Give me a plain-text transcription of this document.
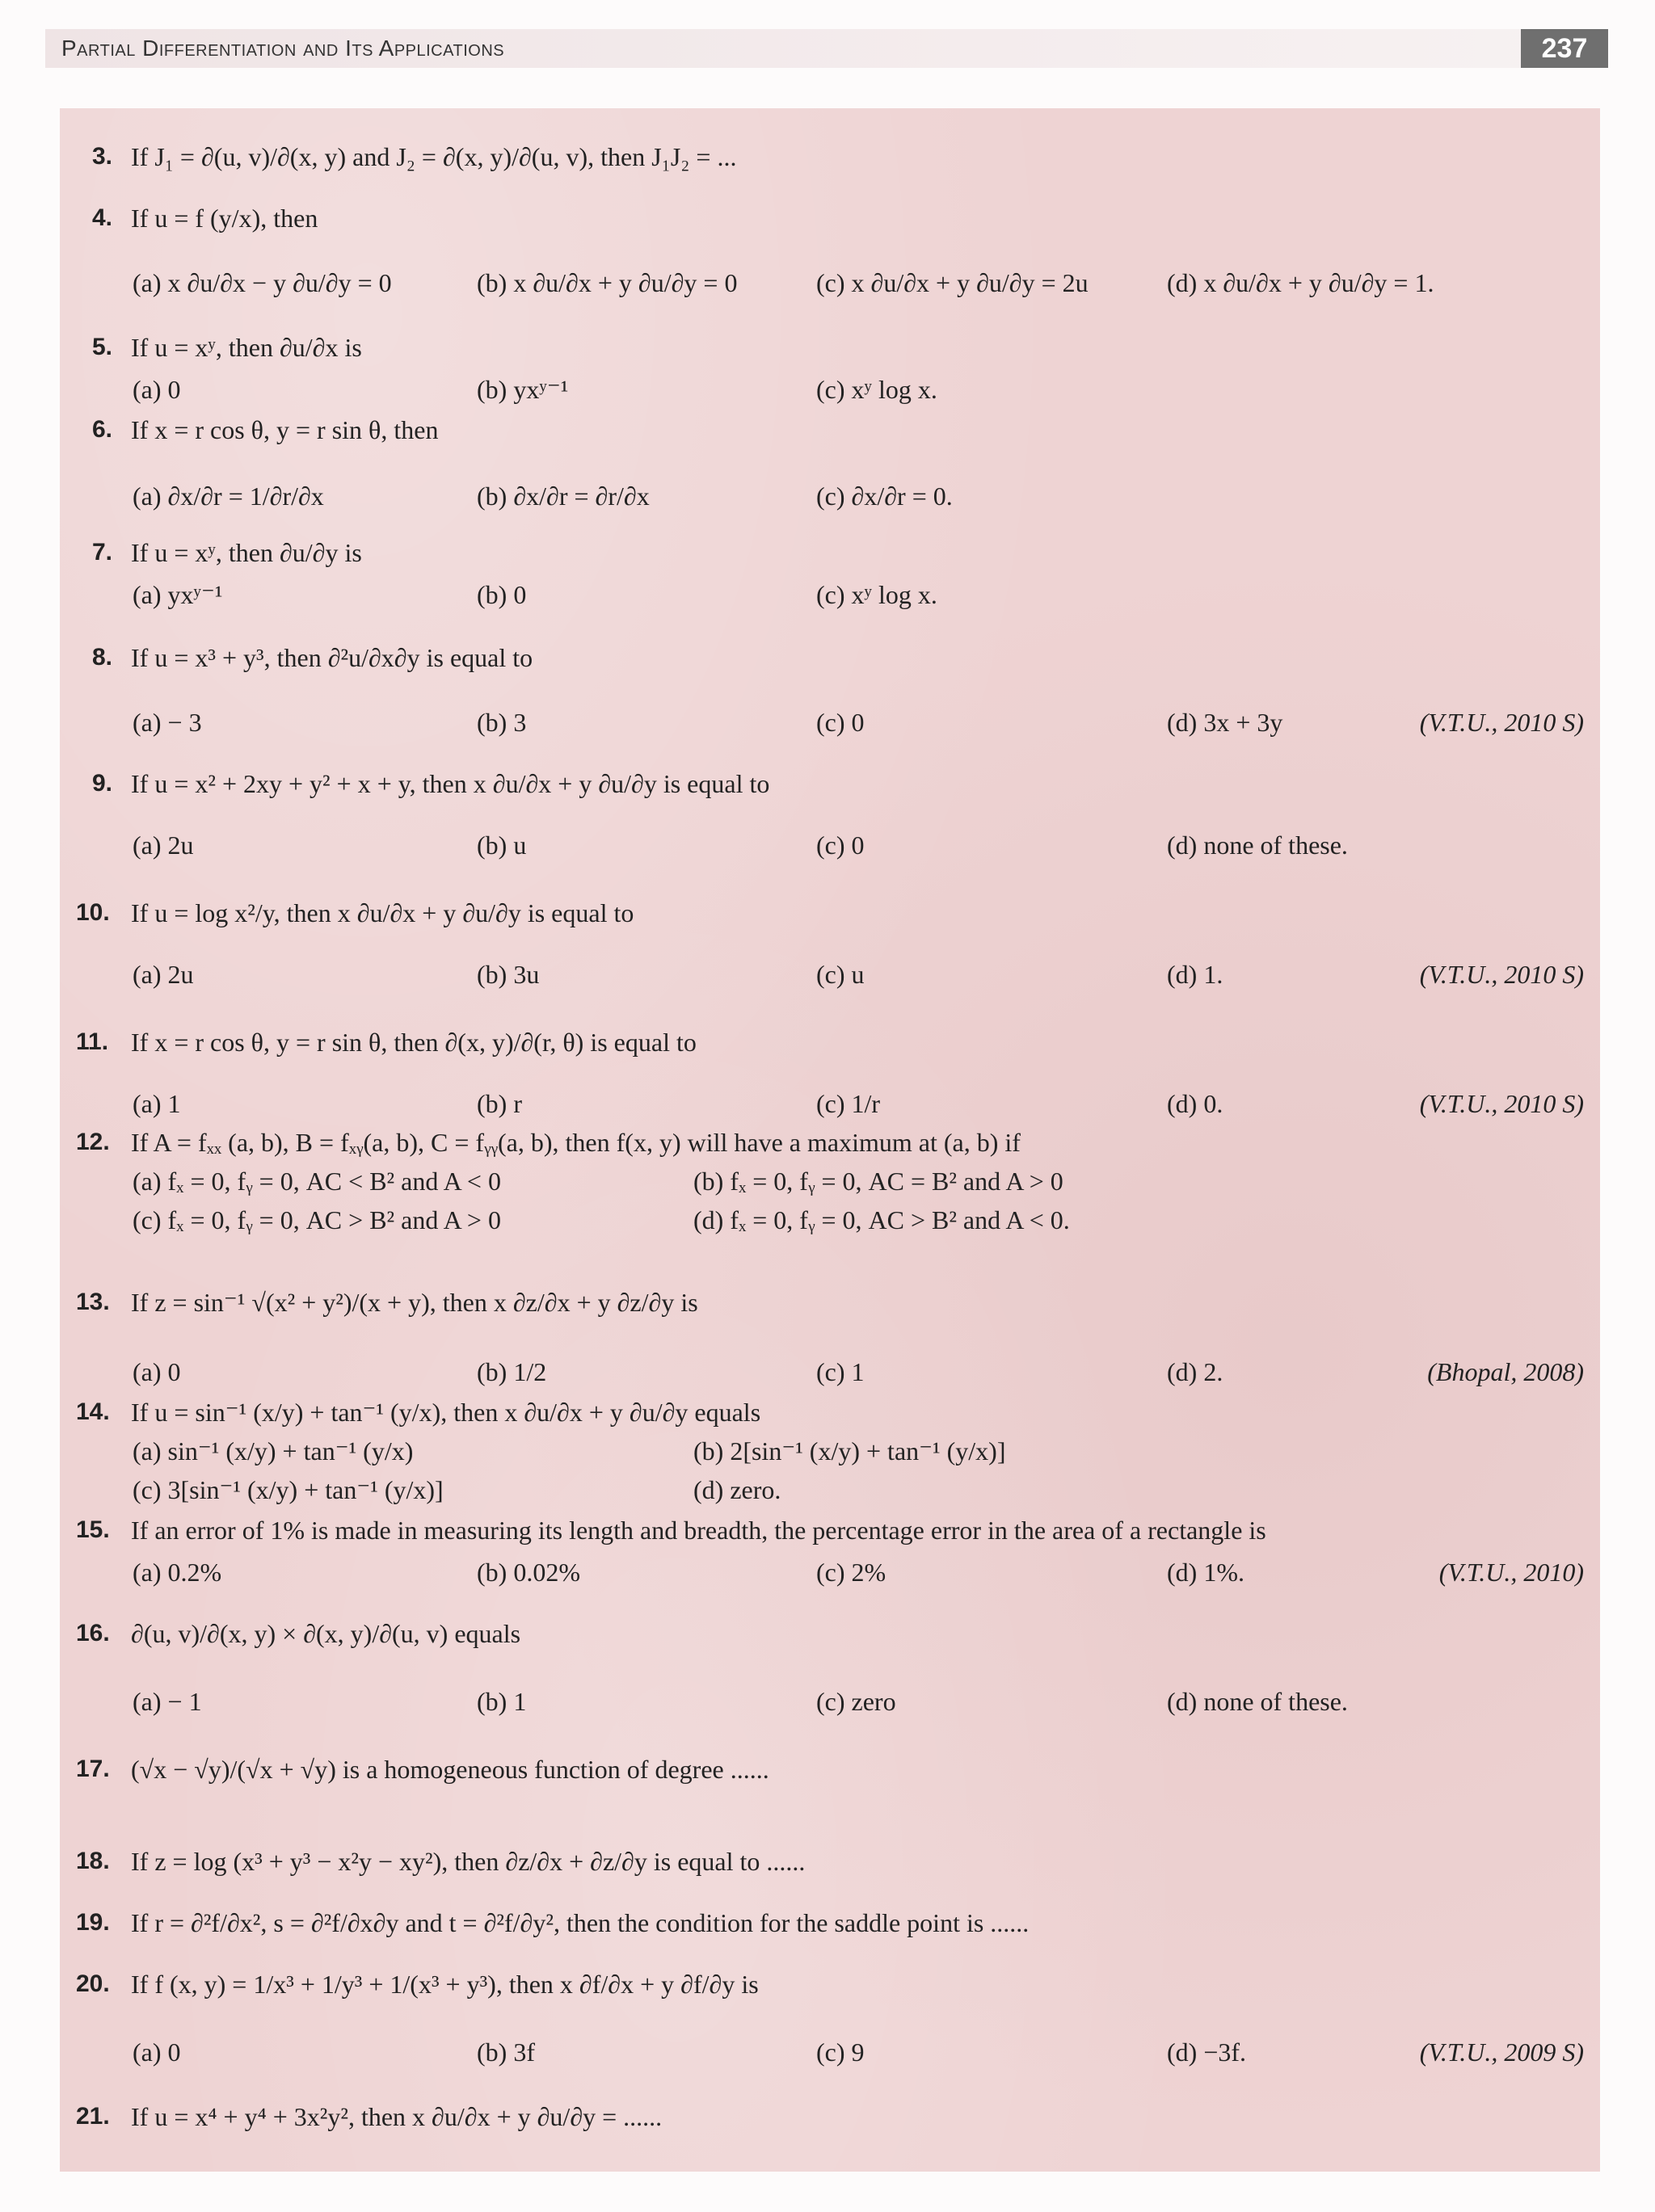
Partial Differentiation and Its Applications	237
3. If J₁ = ∂(u, v)/∂(x, y) and J₂ = ∂(x, y)/∂(u, v), then J₁J₂ = ...
4. If u = f (y/x), then
(a) x ∂u/∂x − y ∂u/∂y = 0	(b) x ∂u/∂x + y ∂u/∂y = 0	(c) x ∂u/∂x + y ∂u/∂y = 2u	(d) x ∂u/∂x + y ∂u/∂y = 1.
5. If u = xʸ, then ∂u/∂x is
(a) 0	(b) yxʸ⁻¹	(c) xʸ log x.
6. If x = r cos θ, y = r sin θ, then
(a) ∂x/∂r = 1/∂r/∂x	(b) ∂x/∂r = ∂r/∂x	(c) ∂x/∂r = 0.
7. If u = xʸ, then ∂u/∂y is
(a) yxʸ⁻¹	(b) 0	(c) xʸ log x.
8. If u = x³ + y³, then ∂²u/∂x∂y is equal to
(a) − 3	(b) 3	(c) 0	(d) 3x + 3y	(V.T.U., 2010 S)
9. If u = x² + 2xy + y² + x + y, then x ∂u/∂x + y ∂u/∂y is equal to
(a) 2u	(b) u	(c) 0	(d) none of these.
10. If u = log x²/y, then x ∂u/∂x + y ∂u/∂y is equal to
(a) 2u	(b) 3u	(c) u	(d) 1.	(V.T.U., 2010 S)
11. If x = r cos θ, y = r sin θ, then ∂(x, y)/∂(r, θ) is equal to
(a) 1	(b) r	(c) 1/r	(d) 0.	(V.T.U., 2010 S)
12. If A = fₓₓ (a, b), B = fₓᵧ(a, b), C = fᵧᵧ(a, b), then f(x, y) will have a maximum at (a, b) if
(a) fₓ = 0, fᵧ = 0, AC < B² and A < 0	(b) fₓ = 0, fᵧ = 0, AC = B² and A > 0
(c) fₓ = 0, fᵧ = 0, AC > B² and A > 0	(d) fₓ = 0, fᵧ = 0, AC > B² and A < 0.
13. If z = sin⁻¹ √(x² + y²)/(x + y), then x ∂z/∂x + y ∂z/∂y is
(a) 0	(b) 1/2	(c) 1	(d) 2.	(Bhopal, 2008)
14. If u = sin⁻¹ (x/y) + tan⁻¹ (y/x), then x ∂u/∂x + y ∂u/∂y equals
(a) sin⁻¹ (x/y) + tan⁻¹ (y/x)	(b) 2[sin⁻¹ (x/y) + tan⁻¹ (y/x)]
(c) 3[sin⁻¹ (x/y) + tan⁻¹ (y/x)]	(d) zero.
15. If an error of 1% is made in measuring its length and breadth, the percentage error in the area of a rectangle is
(a) 0.2%	(b) 0.02%	(c) 2%	(d) 1%.	(V.T.U., 2010)
16. ∂(u, v)/∂(x, y) × ∂(x, y)/∂(u, v) equals
(a) − 1	(b) 1	(c) zero	(d) none of these.
17. (√x − √y)/(√x + √y) is a homogeneous function of degree ......
18. If z = log (x³ + y³ − x²y − xy²), then ∂z/∂x + ∂z/∂y is equal to ......
19. If r = ∂²f/∂x², s = ∂²f/∂x∂y and t = ∂²f/∂y², then the condition for the saddle point is ......
20. If f (x, y) = 1/x³ + 1/y³ + 1/(x³ + y³), then x ∂f/∂x + y ∂f/∂y is
(a) 0	(b) 3f	(c) 9	(d) −3f.	(V.T.U., 2009 S)
21. If u = x⁴ + y⁴ + 3x²y², then x ∂u/∂x + y ∂u/∂y = ......
